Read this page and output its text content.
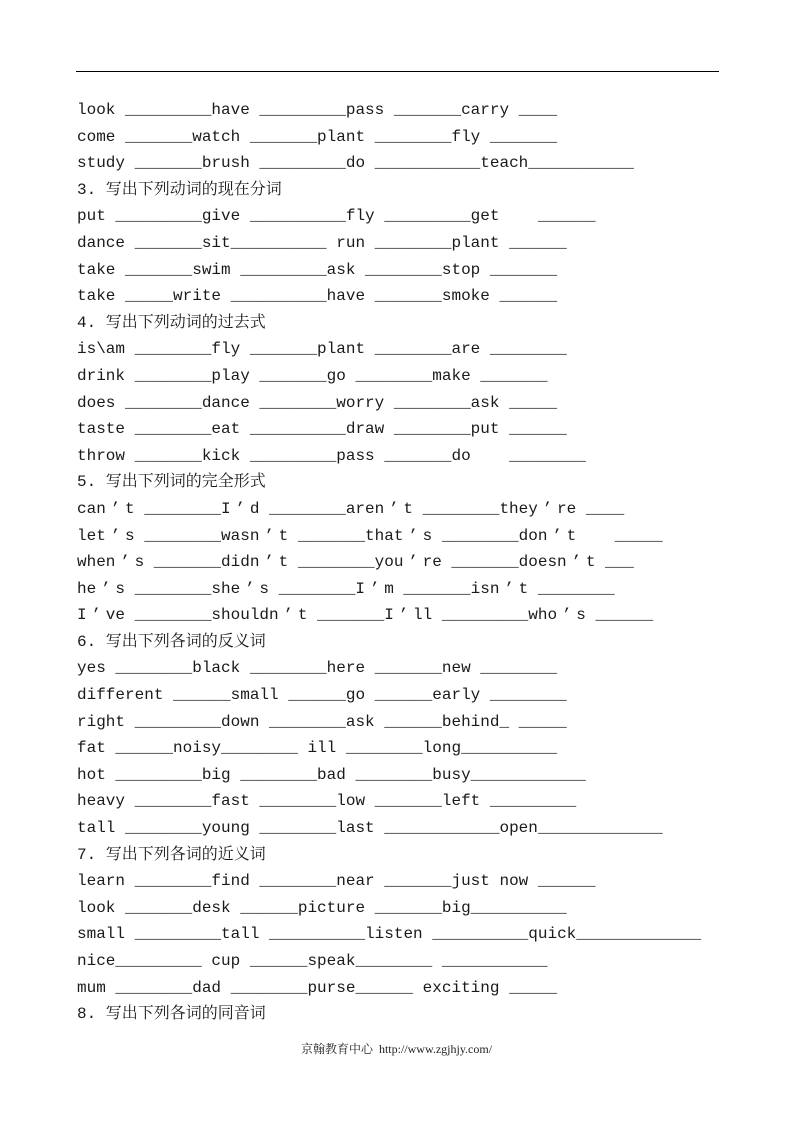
look _________have _________pass _______carry ____
come _______watch _______plant ________fly _______
study _______brush _________do ___________teach___________
3. 写出下列动词的现在分词
put _________give __________fly _________get    ______
dance _______sit__________ run ________plant ______
take _______swim _________ask ________stop _______
take _____write __________have _______smoke ______
4. 写出下列动词的过去式
is\am ________fly _______plant ________are ________
drink ________play _______go ________make _______
does ________dance ________worry ________ask _____
taste ________eat __________draw ________put ______
throw _______kick _________pass _______do    ________
5. 写出下列词的完全形式
can ’ t ________I ’ d ________aren ’ t ________they ’ re ____
let ’ s ________wasn ’ t _______that ’ s ________don ’ t    _____
when ’ s _______didn ’ t ________you ’ re _______doesn ’ t ___
he ’ s ________she ’ s ________I ’ m _______isn ’ t ________
I ’ ve ________shouldn ’ t _______I ’ ll _________who ’ s ______
6. 写出下列各词的反义词
yes ________black ________here _______new ________
different ______small ______go ______early ________
right _________down ________ask ______behind_ _____
fat ______noisy________ ill ________long__________
hot _________big ________bad ________busy____________
heavy ________fast ________low _______left _________
tall ________young ________last ____________open_____________
7. 写出下列各词的近义词
learn ________find ________near _______just now ______
look _______desk ______picture _______big__________
small _________tall __________listen __________quick_____________
nice_________ cup ______speak________ ___________
mum ________dad ________purse______ exciting _____
8. 写出下列各词的同音词
京翰教育中心 http://www.zgjhjy.com/
